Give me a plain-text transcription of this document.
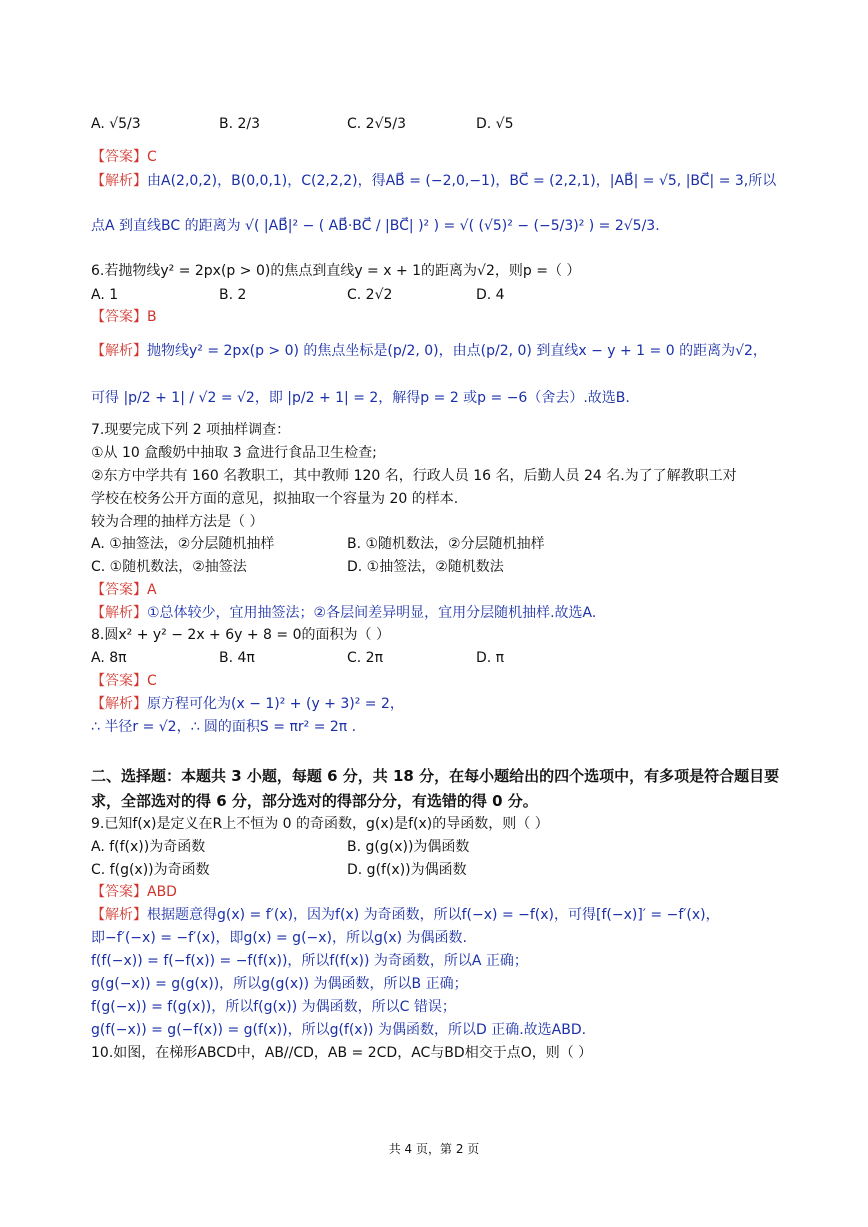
A. √5/3	B. 2/3	C. 2√5/3	D. √5
【答案】C
【解析】由A(2,0,2)，B(0,0,1)，C(2,2,2)，得AB⃗ = (−2,0,−1)，BC⃗ = (2,2,1)，|AB⃗| = √5, |BC⃗| = 3,所以
点A 到直线BC 的距离为 √( |AB⃗|² − ( AB⃗·BC⃗ / |BC⃗| )² ) = √( (√5)² − (−5/3)² ) = 2√5/3.
6.若抛物线y² = 2px(p > 0)的焦点到直线y = x + 1的距离为√2，则p =（ ）
A. 1	B. 2	C. 2√2	D. 4
【答案】B
【解析】抛物线y² = 2px(p > 0) 的焦点坐标是(p/2, 0)，由点(p/2, 0) 到直线x − y + 1 = 0 的距离为√2，
可得 |p/2 + 1| / √2 = √2，即 |p/2 + 1| = 2，解得p = 2 或p = −6（舍去）.故选B.
7.现要完成下列 2 项抽样调查：
①从 10 盒酸奶中抽取 3 盒进行食品卫生检查;
②东方中学共有 160 名教职工，其中教师 120 名，行政人员 16 名，后勤人员 24 名.为了了解教职工对
学校在校务公开方面的意见，拟抽取一个容量为 20 的样本.
较为合理的抽样方法是（ ）
A. ①抽签法，②分层随机抽样	B. ①随机数法，②分层随机抽样
C. ①随机数法，②抽签法	D. ①抽签法，②随机数法
【答案】A
【解析】①总体较少，宜用抽签法；②各层间差异明显，宜用分层随机抽样.故选A.
8.圆x² + y² − 2x + 6y + 8 = 0的面积为（ ）
A. 8π	B. 4π	C. 2π	D. π
【答案】C
【解析】原方程可化为(x − 1)² + (y + 3)² = 2，
∴ 半径r = √2，∴ 圆的面积S = πr² = 2π .
二、选择题：本题共 3 小题，每题 6 分，共 18 分，在每小题给出的四个选项中，有多项是符合题目要
求，全部选对的得 6 分，部分选对的得部分分，有选错的得 0 分。
9.已知f(x)是定义在R上不恒为 0 的奇函数，g(x)是f(x)的导函数，则（ ）
A. f(f(x))为奇函数	B. g(g(x))为偶函数
C. f(g(x))为奇函数	D. g(f(x))为偶函数
【答案】ABD
【解析】根据题意得g(x) = f′(x)，因为f(x) 为奇函数，所以f(−x) = −f(x)，可得[f(−x)]′ = −f′(x)，
即−f′(−x) = −f′(x)，即g(x) = g(−x)，所以g(x) 为偶函数.
f(f(−x)) = f(−f(x)) = −f(f(x))，所以f(f(x)) 为奇函数，所以A 正确；
g(g(−x)) = g(g(x))，所以g(g(x)) 为偶函数，所以B 正确；
f(g(−x)) = f(g(x))，所以f(g(x)) 为偶函数，所以C 错误；
g(f(−x)) = g(−f(x)) = g(f(x))，所以g(f(x)) 为偶函数，所以D 正确.故选ABD.
10.如图，在梯形ABCD中，AB//CD，AB = 2CD，AC与BD相交于点O，则（ ）
共 4 页，第 2 页
